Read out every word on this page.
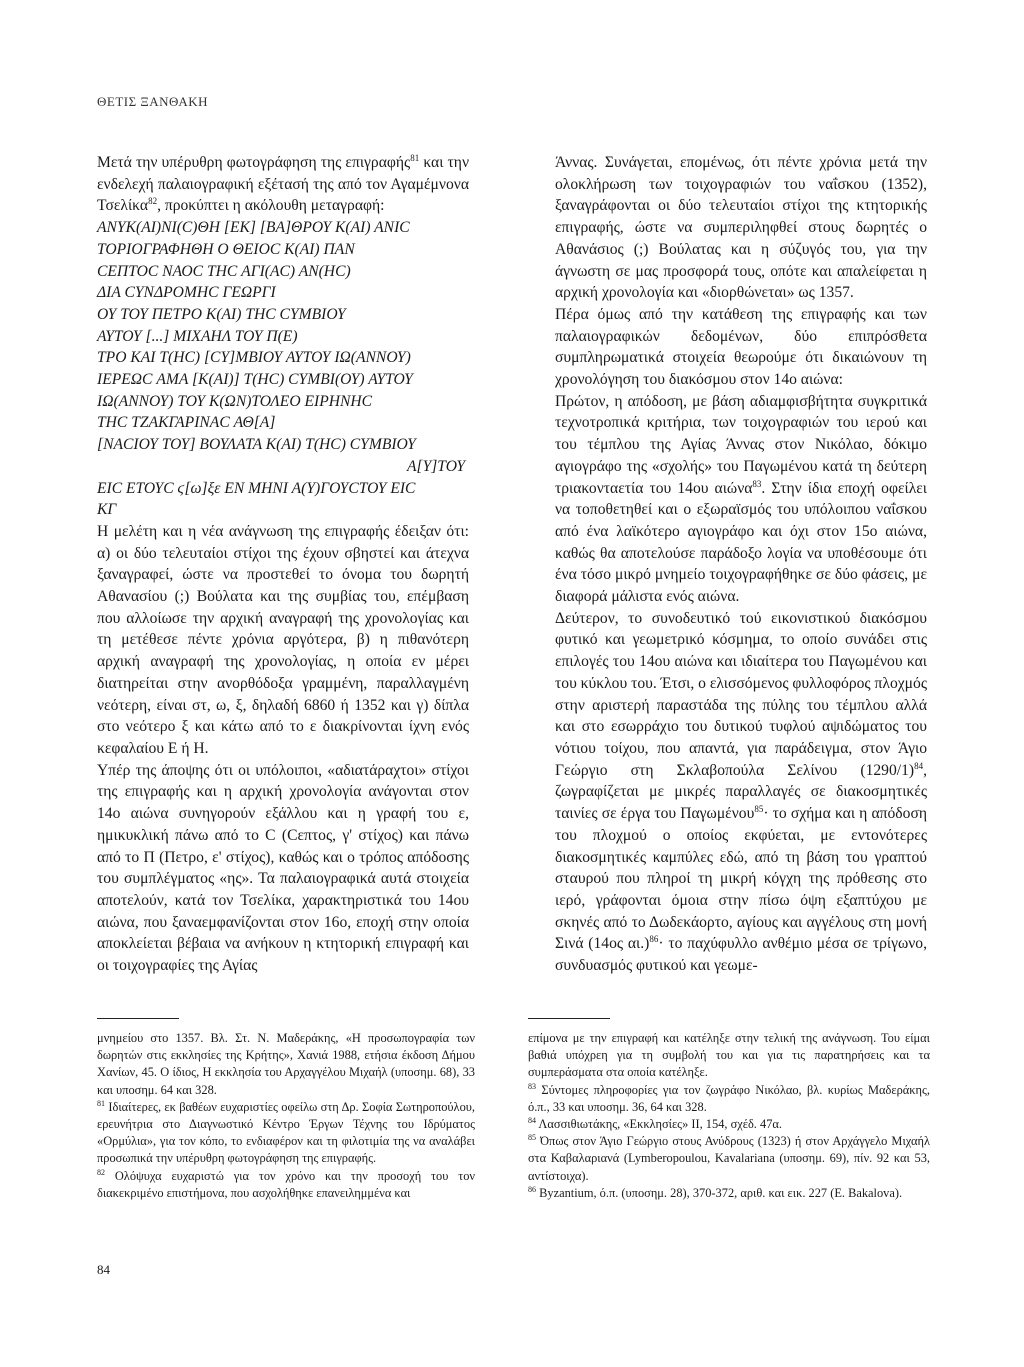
ΘΕΤΙΣ ΞΑΝΘΑΚΗ

Μετά την υπέρυθρη φωτογράφηση της επιγραφής$^{81}$ και την ενδελεχή παλαιογραφική εξέτασή της από τον Αγαμέμνονα Τσελίκα$^{82}$, προκύπτει η ακόλουθη μεταγραφή:

ΑΝΥΚ(ΑΙ)ΝΙ(C)ΘΗ [ΕΚ] [ΒΑ]ΘΡΟΥ Κ(ΑΙ) ΑΝΙC
ΤΟΡΙΟΓΡΑΦΗΘΗ Ο ΘΕΙΟC Κ(ΑΙ) ΠΑΝ
CΕΠΤΟC ΝΑΟC ΤΗC ΑΓΙ(ΑC) ΑΝ(ΗC)
ΔΙΑ CΥΝΔΡΟΜΗC ΓΕΩΡΓΙ
ΟΥ ΤΟΥ ΠΕΤΡΟ Κ(ΑΙ) ΤΗC CΥΜΒΙΟΥ
ΑΥΤΟΥ [...] ΜΙΧΑΗΛ ΤΟΥ Π(Ε)
ΤΡΟ ΚΑΙ Τ(ΗC) [CΥ]ΜΒΙΟΥ ΑΥΤΟΥ ΙΩ(ΑΝΝΟΥ)
ΙΕΡΕΩC ΑΜΑ [Κ(ΑΙ)] Τ(ΗC) CΥΜΒΙ(ΟΥ) ΑΥΤΟΥ
ΙΩ(ΑΝΝΟΥ) ΤΟΥ Κ(ΩΝ)ΤΟΛΕΟ ΕΙΡΗΝΗC
ΤΗC ΤΖΑΚΓΑΡΙΝΑC ΑΘ[Α]
[ΝΑCΙΟΥ ΤΟΥ] ΒΟΥΛΑΤΑ Κ(ΑΙ) Τ(ΗC) CΥΜΒΙΟΥ
Α[Υ]ΤΟΥ
ΕΙC ΕΤΟΥC ϛ[ω]ξε ΕΝ ΜΗΝΙ Α(Υ)ΓΟΥCΤΟΥ ΕΙC
ΚΓ

Η μελέτη και η νέα ανάγνωση της επιγραφής έδειξαν ότι: α) οι δύο τελευταίοι στίχοι της έχουν σβηστεί και άτεχνα ξαναγραφεί, ώστε να προστεθεί το όνομα του δωρητή Αθανασίου (;) Βούλατα και της συμβίας του, επέμβαση που αλλοίωσε την αρχική αναγραφή της χρονολογίας και τη μετέθεσε πέντε χρόνια αργότερα, β) η πιθανότερη αρχική αναγραφή της χρονολογίας, η οποία εν μέρει διατηρείται στην ανορθόδοξα γραμμένη, παραλλαγμένη νεότερη, είναι στ, ω, ξ, δηλαδή 6860 ή 1352 και γ) δίπλα στο νεότερο ξ και κάτω από το ε διακρίνονται ίχνη ενός κεφαλαίου Ε ή Η.

Υπέρ της άποψης ότι οι υπόλοιποι, «αδιατάραχτοι» στίχοι της επιγραφής και η αρχική χρονολογία ανάγονται στον 14ο αιώνα συνηγορούν εξάλλου και η γραφή του ε, ημικυκλική πάνω από το C (Cεπτος, γ' στίχος) και πάνω από το Π (Πετρο, ε' στίχος), καθώς και ο τρόπος απόδοσης του συμπλέγματος «ης». Τα παλαιογραφικά αυτά στοιχεία αποτελούν, κατά τον Τσελίκα, χαρακτηριστικά του 14ου αιώνα, που ξαναεμφανίζονται στον 16ο, εποχή στην οποία αποκλείεται βέβαια να ανήκουν η κτητορική επιγραφή και οι τοιχογραφίες της Αγίας

Άννας. Συνάγεται, επομένως, ότι πέντε χρόνια μετά την ολοκλήρωση των τοιχογραφιών του ναΐσκου (1352), ξαναγράφονται οι δύο τελευταίοι στίχοι της κτητορικής επιγραφής, ώστε να συμπεριληφθεί στους δωρητές ο Αθανάσιος (;) Βούλατας και η σύζυγός του, για την άγνωστη σε μας προσφορά τους, οπότε και απαλείφεται η αρχική χρονολογία και «διορθώνεται» ως 1357.

Πέρα όμως από την κατάθεση της επιγραφής και των παλαιογραφικών δεδομένων, δύο επιπρόσθετα συμπληρωματικά στοιχεία θεωρούμε ότι δικαιώνουν τη χρονολόγηση του διακόσμου στον 14ο αιώνα:

Πρώτον, η απόδοση, με βάση αδιαμφισβήτητα συγκριτικά τεχνοτροπικά κριτήρια, των τοιχογραφιών του ιερού και του τέμπλου της Αγίας Άννας στον Νικόλαο, δόκιμο αγιογράφο της «σχολής» του Παγωμένου κατά τη δεύτερη τριακονταετία του 14ου αιώνα$^{83}$. Στην ίδια εποχή οφείλει να τοποθετηθεί και ο εξωραϊσμός του υπόλοιπου ναΐσκου από ένα λαϊκότερο αγιογράφο και όχι στον 15ο αιώνα, καθώς θα αποτελούσε παράδοξο λογία να υποθέσουμε ότι ένα τόσο μικρό μνημείο τοιχογραφήθηκε σε δύο φάσεις, με διαφορά μάλιστα ενός αιώνα.

Δεύτερον, το συνοδευτικό τού εικονιστικού διακόσμου φυτικό και γεωμετρικό κόσμημα, το οποίο συνάδει στις επιλογές του 14ου αιώνα και ιδιαίτερα του Παγωμένου και του κύκλου του. Έτσι, ο ελισσόμενος φυλλοφόρος πλοχμός στην αριστερή παραστάδα της πύλης του τέμπλου αλλά και στο εσωρράχιο του δυτικού τυφλού αψιδώματος του νότιου τοίχου, που απαντά, για παράδειγμα, στον Άγιο Γεώργιο στη Σκλαβοπούλα Σελίνου $(1290/1)^{84}$, ζωγραφίζεται με μικρές παραλλαγές σε διακοσμητικές ταινίες σε έργα του Παγωμένου$^{85}$· το σχήμα και η απόδοση του πλοχμού ο οποίος εκφύεται, με εντονότερες διακοσμητικές καμπύλες εδώ, από τη βάση του γραπτού σταυρού που πληροί τη μικρή κόγχη της πρόθεσης στο ιερό, γράφονται όμοια στην πίσω όψη εξαπτύχου με σκηνές από το Δωδεκάορτο, αγίους και αγγέλους στη μονή Σινά (14ος αι.)$^{86}$· το παχύφυλλο ανθέμιο μέσα σε τρίγωνο, συνδυασμός φυτικού και γεωμε-

μνημείου στο 1357. Βλ. Στ. Ν. Μαδεράκης, «Η προσωπογραφία των δωρητών στις εκκλησίες της Κρήτης», Χανιά 1988, ετήσια έκδοση Δήμου Χανίων, 45. Ο ίδιος, Η εκκλησία του Αρχαγγέλου Μιχαήλ (υποσημ. 68), 33 και υποσημ. 64 και 328.

$^{81}$ Ιδιαίτερες, εκ βαθέων ευχαριστίες οφείλω στη Δρ. Σοφία Σωτηροπούλου, ερευνήτρια στο Διαγνωστικό Κέντρο Έργων Τέχνης του Ιδρύματος «Ορμύλια», για τον κόπο, το ενδιαφέρον και τη φιλοτιμία της να αναλάβει προσωπικά την υπέρυθρη φωτογράφηση της επιγραφής.

$^{82}$ Ολόψυχα ευχαριστώ για τον χρόνο και την προσοχή του τον διακεκριμένο επιστήμονα, που ασχολήθηκε επανειλημμένα και

επίμονα με την επιγραφή και κατέληξε στην τελική της ανάγνωση. Του είμαι βαθιά υπόχρεη για τη συμβολή του και για τις παρατηρήσεις και τα συμπεράσματα στα οποία κατέληξε.

$^{83}$ Σύντομες πληροφορίες για τον ζωγράφο Νικόλαο, βλ. κυρίως Μαδεράκης, ό.π., 33 και υποσημ. 36, 64 και 328.

$^{84}$ Λασσιθιωτάκης, «Εκκλησίες» ΙΙ, 154, σχέδ. 47α.

$^{85}$ Όπως στον Άγιο Γεώργιο στους Ανύδρους (1323) ή στον Αρχάγγελο Μιχαήλ στα Καβαλαριανά (Lymberopoulou, Kavalariana (υποσημ. 69), πίν. 92 και 53, αντίστοιχα).

$^{86}$ Byzantium, ό.π. (υποσημ. 28), 370-372, αριθ. και εικ. 227 (Ε. Bakalova).

84
